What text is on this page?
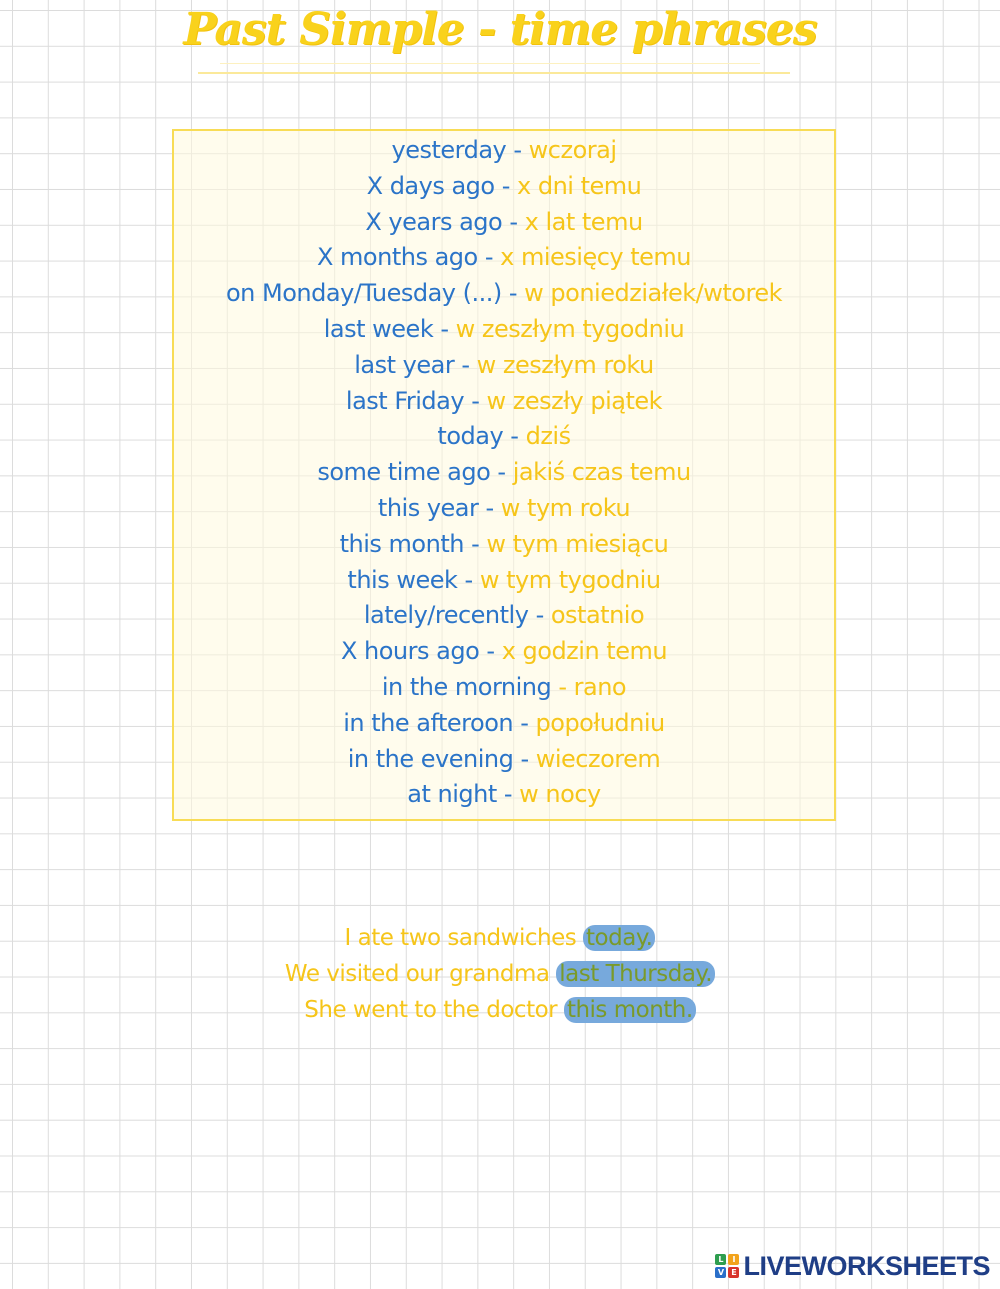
Past Simple - time phrases
yesterday - wczoraj
X days ago - x dni temu
X years ago - x lat temu
X months ago - x miesięcy temu
on Monday/Tuesday (...) - w poniedziałek/wtorek
last week - w zeszłym tygodniu
last year - w zeszłym roku
last Friday - w zeszły piątek
today - dziś
some time ago - jakiś czas temu
this year - w tym roku
this month - w tym miesiącu
this week - w tym tygodniu
lately/recently - ostatnio
X hours ago - x godzin temu
in the morning - rano
in the afteroon - popołudniu
in the evening - wieczorem
at night - w nocy
I ate two sandwiches today.
We visited our grandma last Thursday.
She went to the doctor this month.
L	I
V E LIVEWORKSHEETS
